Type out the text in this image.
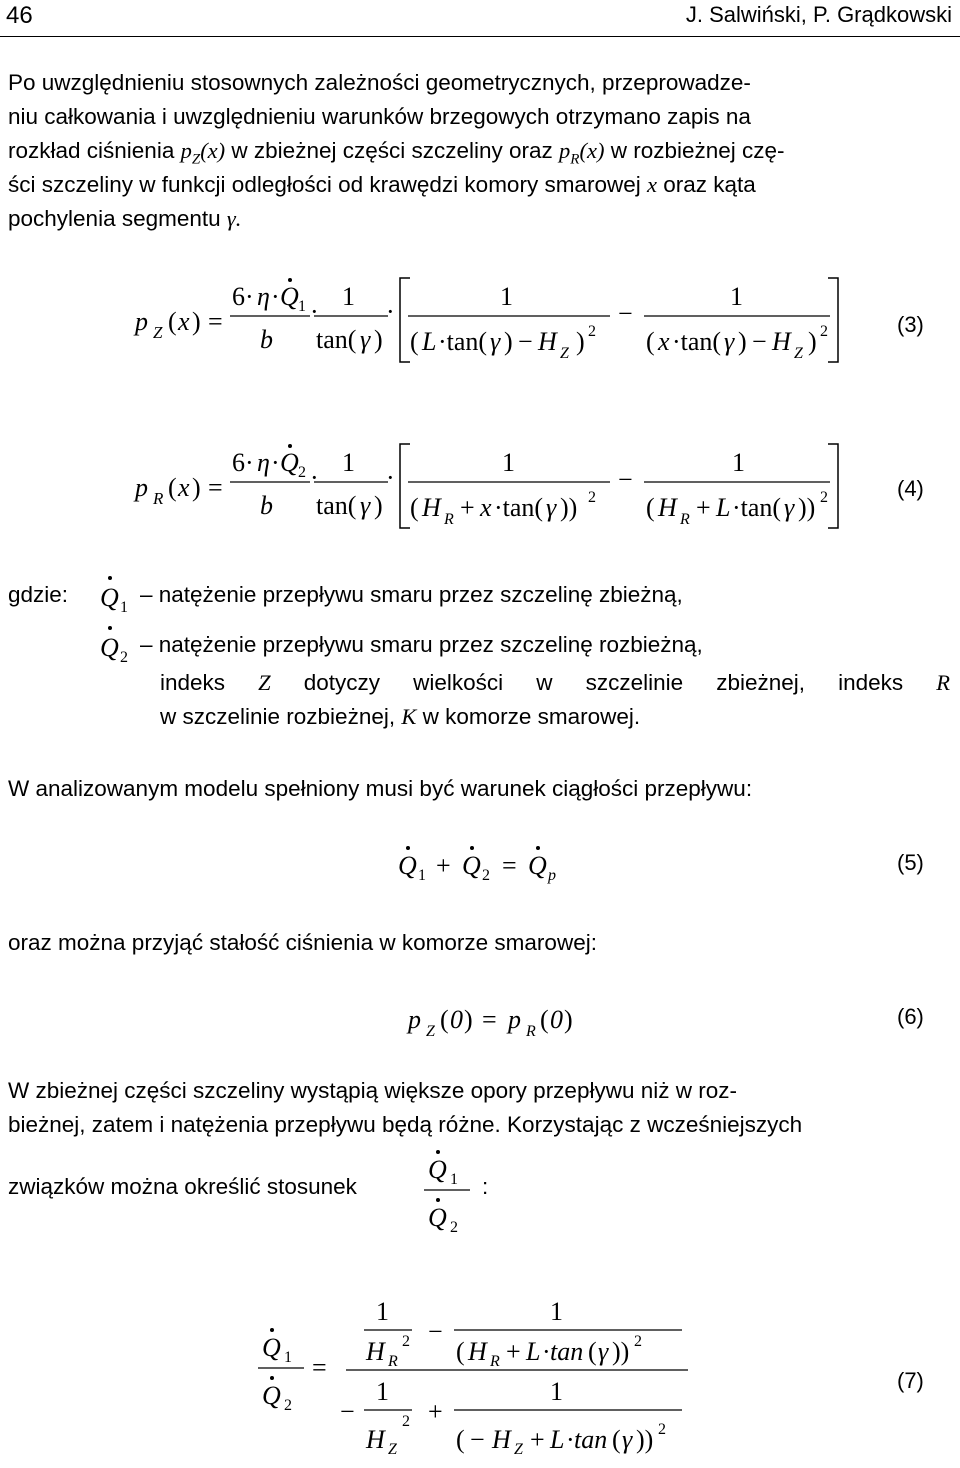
46	J. Salwiński, P. Grądkowski
Po uwzględnieniu stosownych zależności geometrycznych, przeprowadze-
niu całkowania i uwzględnieniu warunków brzegowych otrzymano zapis na
rozkład ciśnienia $p_Z(x)$ w zbieżnej części szczeliny oraz $p_R(x)$ w rozbieżnej czę-
ści szczeliny w funkcji odległości od krawędzi komory smarowej x oraz kąta
pochylenia segmentu γ.
p Z ( x ) =
6· η · Q 1
b
·
1
tan( γ )
·
1
( L ·tan( γ ) − H Z ) 2
−
1
( x ·tan( γ ) − H Z ) 2	(3)
p R ( x ) =
6· η · Q 2
b
·
1
tan( γ )
·
1
( H R + x ·tan( γ )) 2
−
1
( H R + L ·tan( γ )) 2	(4)
gdzie: Q 1
– natężenie przepływu smaru przez szczelinę zbieżną,
Q 2
– natężenie przepływu smaru przez szczelinę rozbieżną,
indeks Z dotyczy wielkości w szczelinie zbieżnej, indeks R
w szczelinie rozbieżnej, K w komorze smarowej.
W analizowanym modelu spełniony musi być warunek ciągłości przepływu:
Q 1 + Q 2 = Q p
(5)
oraz można przyjąć stałość ciśnienia w komorze smarowej:
p Z ( 0 ) = p R ( 0 )	(6)
W zbieżnej części szczeliny wystąpią większe opory przepływu niż w roz-
bieżnej, zatem i natężenia przepływu będą różne. Korzystając z wcześniejszych
związków można określić stosunek
Q 1
Q 2
:
Q 1
Q 2
=
1
H R
2 −
1
( H R + L · tan ( γ )) 2
−
1
H Z
2 +
1
( − H Z + L · tan ( γ )) 2
(7)
